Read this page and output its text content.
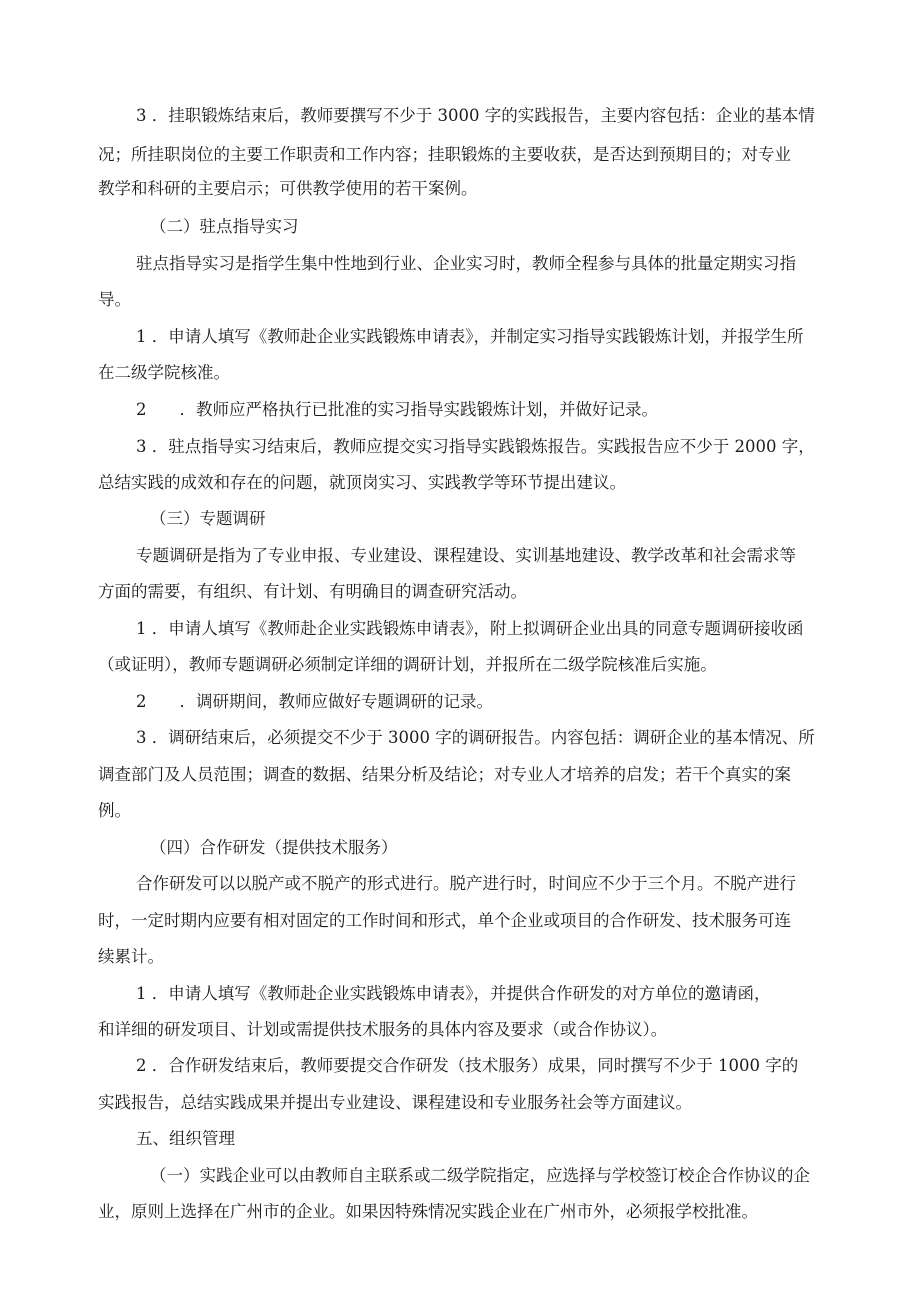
3 ．挂职锻炼结束后，教师要撰写不少于 3000 字的实践报告，主要内容包括：企业的基本情
况；所挂职岗位的主要工作职责和工作内容；挂职锻炼的主要收获，是否达到预期目的；对专业
教学和科研的主要启示；可供教学使用的若干案例。
（二）驻点指导实习
驻点指导实习是指学生集中性地到行业、企业实习时，教师全程参与具体的批量定期实习指
导。
1 ．申请人填写《教师赴企业实践锻炼申请表》，并制定实习指导实践锻炼计划，并报学生所
在二级学院核准。
2　　．教师应严格执行已批准的实习指导实践锻炼计划，并做好记录。
3 ．驻点指导实习结束后，教师应提交实习指导实践锻炼报告。实践报告应不少于 2000 字，
总结实践的成效和存在的问题，就顶岗实习、实践教学等环节提出建议。
（三）专题调研
专题调研是指为了专业申报、专业建设、课程建设、实训基地建设、教学改革和社会需求等
方面的需要，有组织、有计划、有明确目的调查研究活动。
1 ．申请人填写《教师赴企业实践锻炼申请表》，附上拟调研企业出具的同意专题调研接收函
（或证明），教师专题调研必须制定详细的调研计划，并报所在二级学院核准后实施。
2　　．调研期间，教师应做好专题调研的记录。
3 ．调研结束后，必须提交不少于 3000 字的调研报告。内容包括：调研企业的基本情况、所
调查部门及人员范围；调查的数据、结果分析及结论；对专业人才培养的启发；若干个真实的案
例。
（四）合作研发（提供技术服务）
合作研发可以以脱产或不脱产的形式进行。脱产进行时，时间应不少于三个月。不脱产进行
时，一定时期内应要有相对固定的工作时间和形式，单个企业或项目的合作研发、技术服务可连
续累计。
1 ．申请人填写《教师赴企业实践锻炼申请表》，并提供合作研发的对方单位的邀请函，
和详细的研发项目、计划或需提供技术服务的具体内容及要求（或合作协议）。
2 ．合作研发结束后，教师要提交合作研发（技术服务）成果，同时撰写不少于 1000 字的
实践报告，总结实践成果并提出专业建设、课程建设和专业服务社会等方面建议。
五、组织管理
（一）实践企业可以由教师自主联系或二级学院指定，应选择与学校签订校企合作协议的企
业，原则上选择在广州市的企业。如果因特殊情况实践企业在广州市外，必须报学校批准。
